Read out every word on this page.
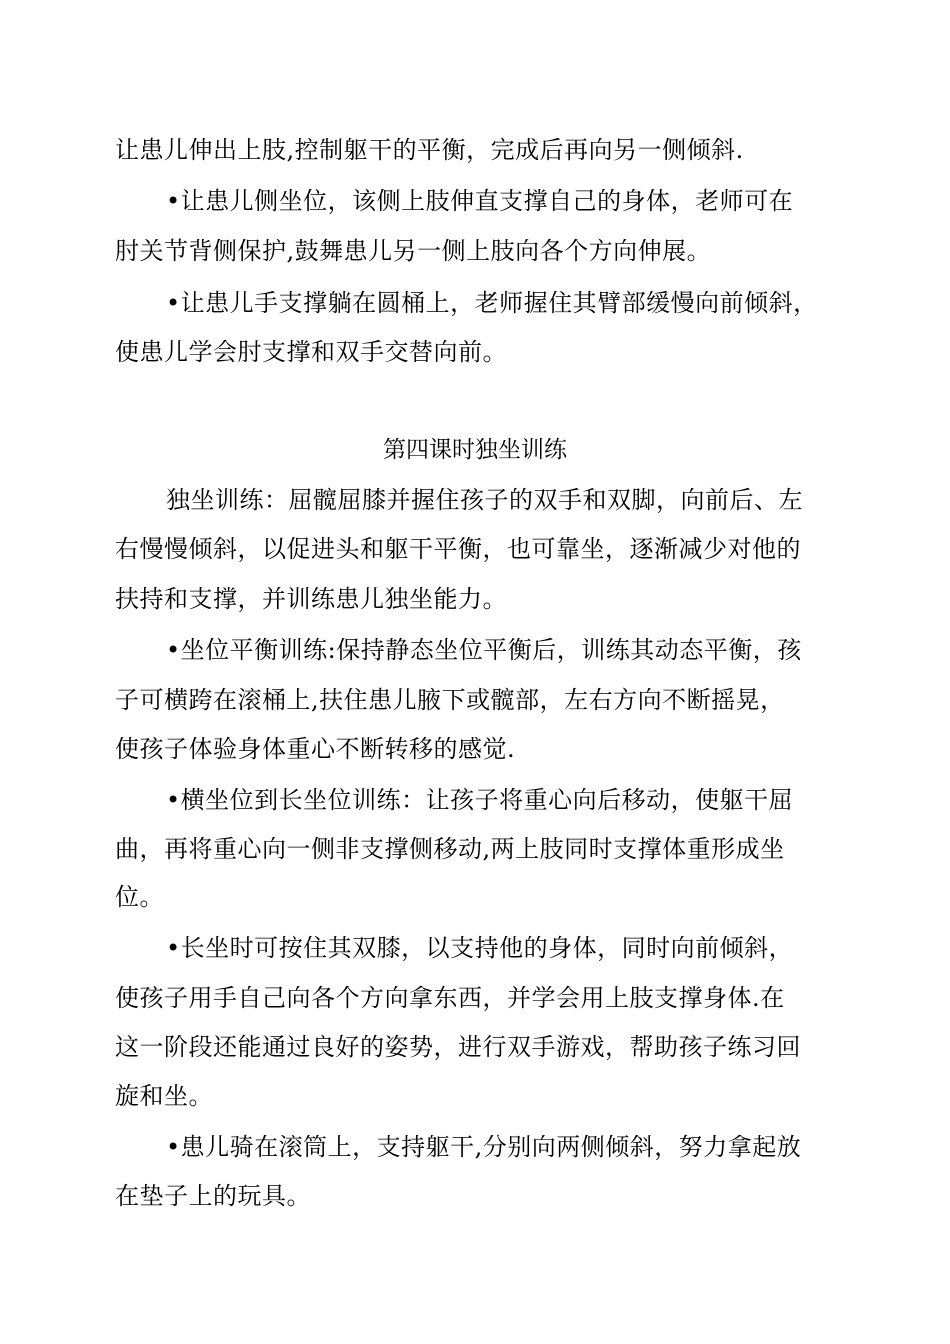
让患儿伸出上肢,控制躯干的平衡，完成后再向另一侧倾斜.
•让患儿侧坐位，该侧上肢伸直支撑自己的身体，老师可在
肘关节背侧保护,鼓舞患儿另一侧上肢向各个方向伸展。
•让患儿手支撑躺在圆桶上，老师握住其臂部缓慢向前倾斜，
使患儿学会肘支撑和双手交替向前。
第四课时独坐训练
独坐训练：屈髋屈膝并握住孩子的双手和双脚，向前后、左
右慢慢倾斜，以促进头和躯干平衡，也可靠坐，逐渐减少对他的
扶持和支撑，并训练患儿独坐能力。
•坐位平衡训练:保持静态坐位平衡后，训练其动态平衡，孩
子可横跨在滚桶上,扶住患儿腋下或髋部，左右方向不断摇晃，
使孩子体验身体重心不断转移的感觉.
•横坐位到长坐位训练：让孩子将重心向后移动，使躯干屈
曲，再将重心向一侧非支撑侧移动,两上肢同时支撑体重形成坐
位。
•长坐时可按住其双膝，以支持他的身体，同时向前倾斜，
使孩子用手自己向各个方向拿东西，并学会用上肢支撑身体.在
这一阶段还能通过良好的姿势，进行双手游戏，帮助孩子练习回
旋和坐。
•患儿骑在滚筒上，支持躯干,分别向两侧倾斜，努力拿起放
在垫子上的玩具。
